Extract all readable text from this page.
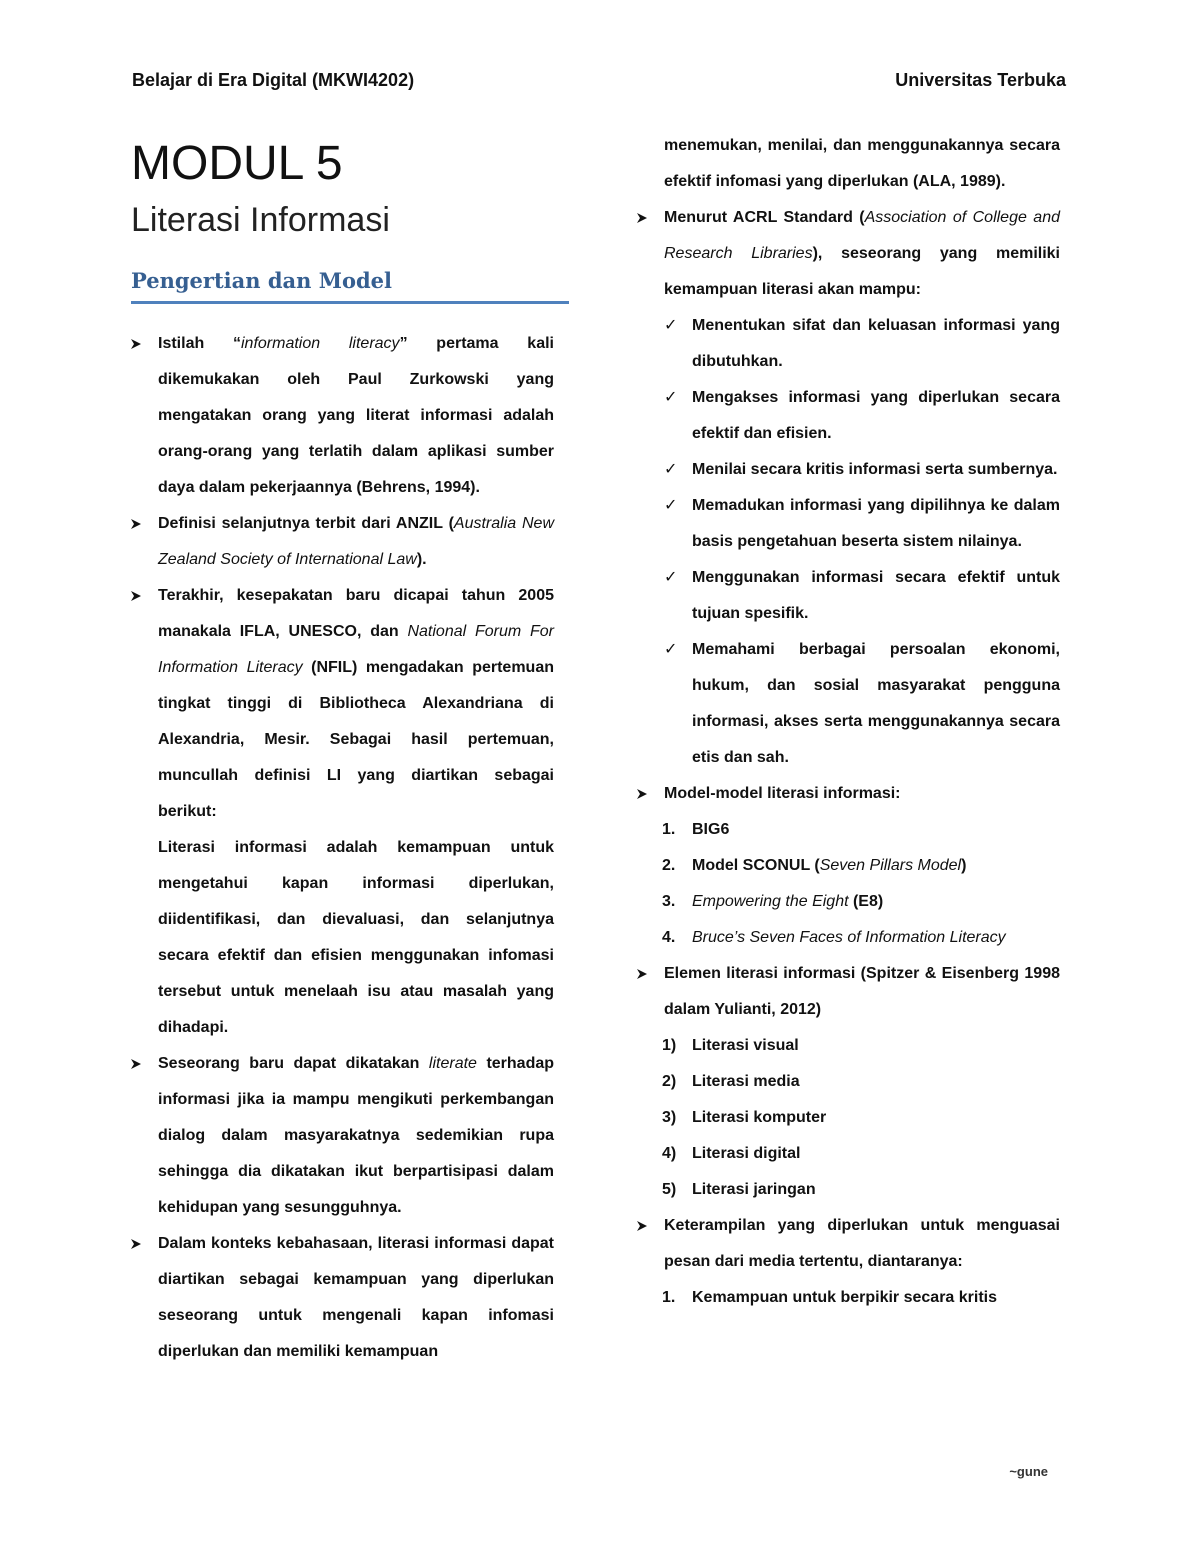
Belajar di Era Digital (MKWI4202)	Universitas Terbuka
MODUL 5
Literasi Informasi
Pengertian dan Model
Istilah “information literacy” pertama kali dikemukakan oleh Paul Zurkowski yang mengatakan orang yang literat informasi adalah orang-orang yang terlatih dalam aplikasi sumber daya dalam pekerjaannya (Behrens, 1994).
Definisi selanjutnya terbit dari ANZIL (Australia New Zealand Society of International Law).
Terakhir, kesepakatan baru dicapai tahun 2005 manakala IFLA, UNESCO, dan National Forum For Information Literacy (NFIL) mengadakan pertemuan tingkat tinggi di Bibliotheca Alexandriana di Alexandria, Mesir. Sebagai hasil pertemuan, muncullah definisi LI yang diartikan sebagai berikut:
Literasi informasi adalah kemampuan untuk mengetahui kapan informasi diperlukan, diidentifikasi, dan dievaluasi, dan selanjutnya secara efektif dan efisien menggunakan infomasi tersebut untuk menelaah isu atau masalah yang dihadapi.
Seseorang baru dapat dikatakan literate terhadap informasi jika ia mampu mengikuti perkembangan dialog dalam masyarakatnya sedemikian rupa sehingga dia dikatakan ikut berpartisipasi dalam kehidupan yang sesungguhnya.
Dalam konteks kebahasaan, literasi informasi dapat diartikan sebagai kemampuan yang diperlukan seseorang untuk mengenali kapan infomasi diperlukan dan memiliki kemampuan
menemukan, menilai, dan menggunakannya secara efektif infomasi yang diperlukan (ALA, 1989).
Menurut ACRL Standard (Association of College and Research Libraries), seseorang yang memiliki kemampuan literasi akan mampu:
✓ Menentukan sifat dan keluasan informasi yang dibutuhkan.
✓ Mengakses informasi yang diperlukan secara efektif dan efisien.
✓ Menilai secara kritis informasi serta sumbernya.
✓ Memadukan informasi yang dipilihnya ke dalam basis pengetahuan beserta sistem nilainya.
✓ Menggunakan informasi secara efektif untuk tujuan spesifik.
✓ Memahami berbagai persoalan ekonomi, hukum, dan sosial masyarakat pengguna informasi, akses serta menggunakannya secara etis dan sah.
Model-model literasi informasi:
1. BIG6
2. Model SCONUL (Seven Pillars Model)
3. Empowering the Eight (E8)
4. Bruce’s Seven Faces of Information Literacy
Elemen literasi informasi (Spitzer & Eisenberg 1998 dalam Yulianti, 2012)
1) Literasi visual
2) Literasi media
3) Literasi komputer
4) Literasi digital
5) Literasi jaringan
Keterampilan yang diperlukan untuk menguasai pesan dari media tertentu, diantaranya:
1. Kemampuan untuk berpikir secara kritis
~gune
